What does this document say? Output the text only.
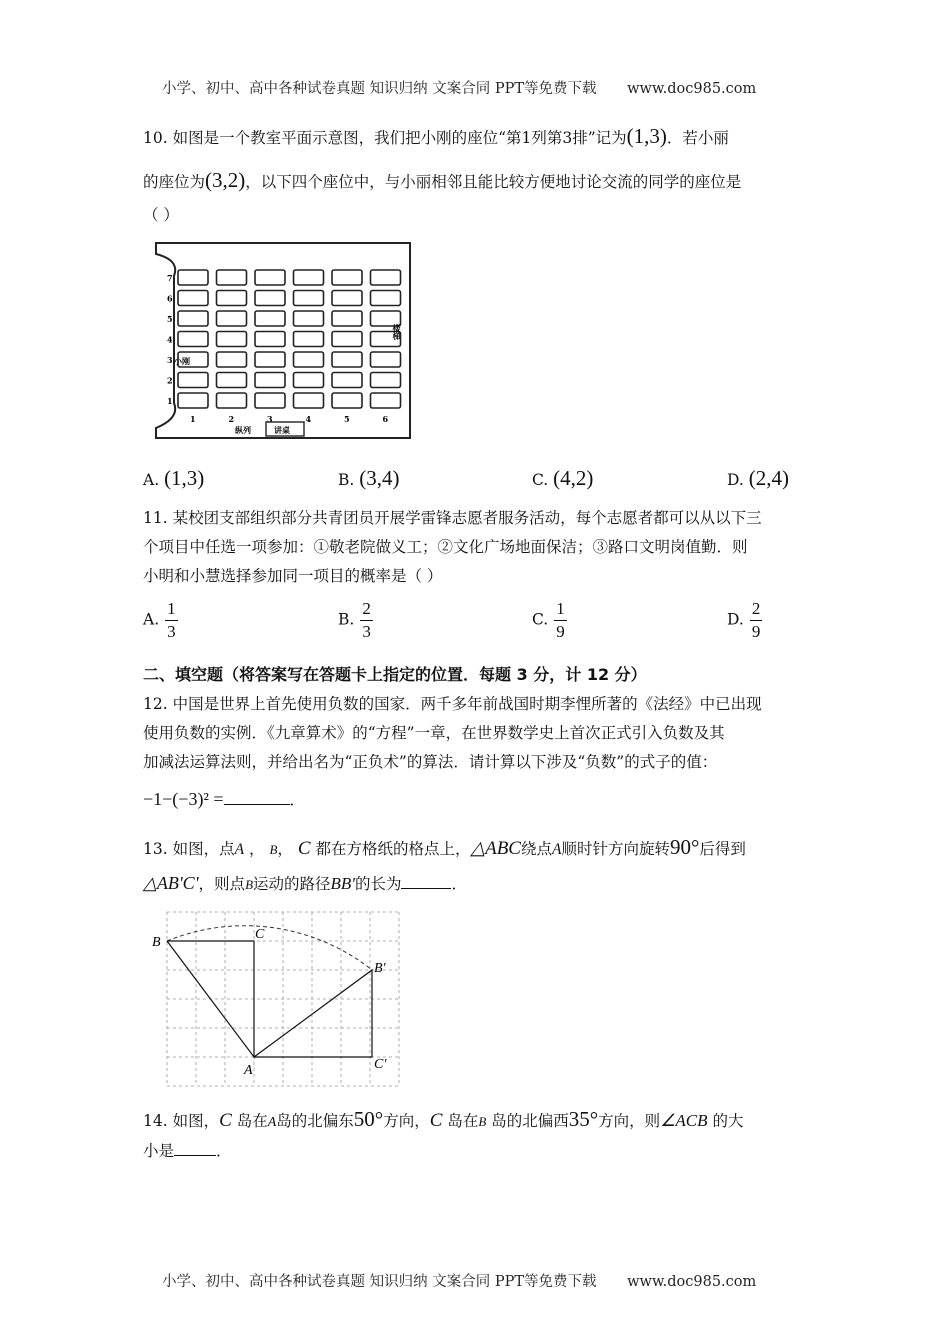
小学、初中、高中各种试卷真题 知识归纳 文案合同 PPT等免费下载 www.doc985.com
10. 如图是一个教室平面示意图，我们把小刚的座位“第1列第3排”记为(1,3)．若小丽
的座位为(3,2)，以下四个座位中，与小丽相邻且能比较方便地讨论交流的同学的座位是
（ ）
7
6
5
4
3
2
1
1	2	3	4	5	6
小刚
楼梯
纵列	讲桌
A. (1,3)	B. (3,4)	C. (4,2)	D. (2,4)
11. 某校团支部组织部分共青团员开展学雷锋志愿者服务活动，每个志愿者都可以从以下三
个项目中任选一项参加：①敬老院做义工；②文化广场地面保洁；③路口文明岗值勤．则
小明和小慧选择参加同一项目的概率是（ ）
A. $\frac{1}{3}$	B. $\frac{2}{3}$	C. $\frac{1}{9}$	D. $\frac{2}{9}$
二、填空题（将答案写在答题卡上指定的位置．每题 3 分，计 12 分）
12. 中国是世界上首先使用负数的国家．两千多年前战国时期李悝所著的《法经》中已出现
使用负数的实例．《九章算术》的“方程”一章，在世界数学史上首次正式引入负数及其
加减法运算法则，并给出名为“正负术”的算法．请计算以下涉及“负数”的式子的值：
−1−(−3)² =	．
13. 如图，点A ， B， C 都在方格纸的格点上，△ABC绕点A顺时针方向旋转90°后得到
△AB'C'，则点B运动的路径BB'的长为	．
B
C
A
B′
C′
14. 如图，C 岛在A岛的北偏东50°方向，C 岛在B 岛的北偏西35°方向，则∠ACB 的大
小是	．
小学、初中、高中各种试卷真题 知识归纳 文案合同 PPT等免费下载 www.doc985.com
